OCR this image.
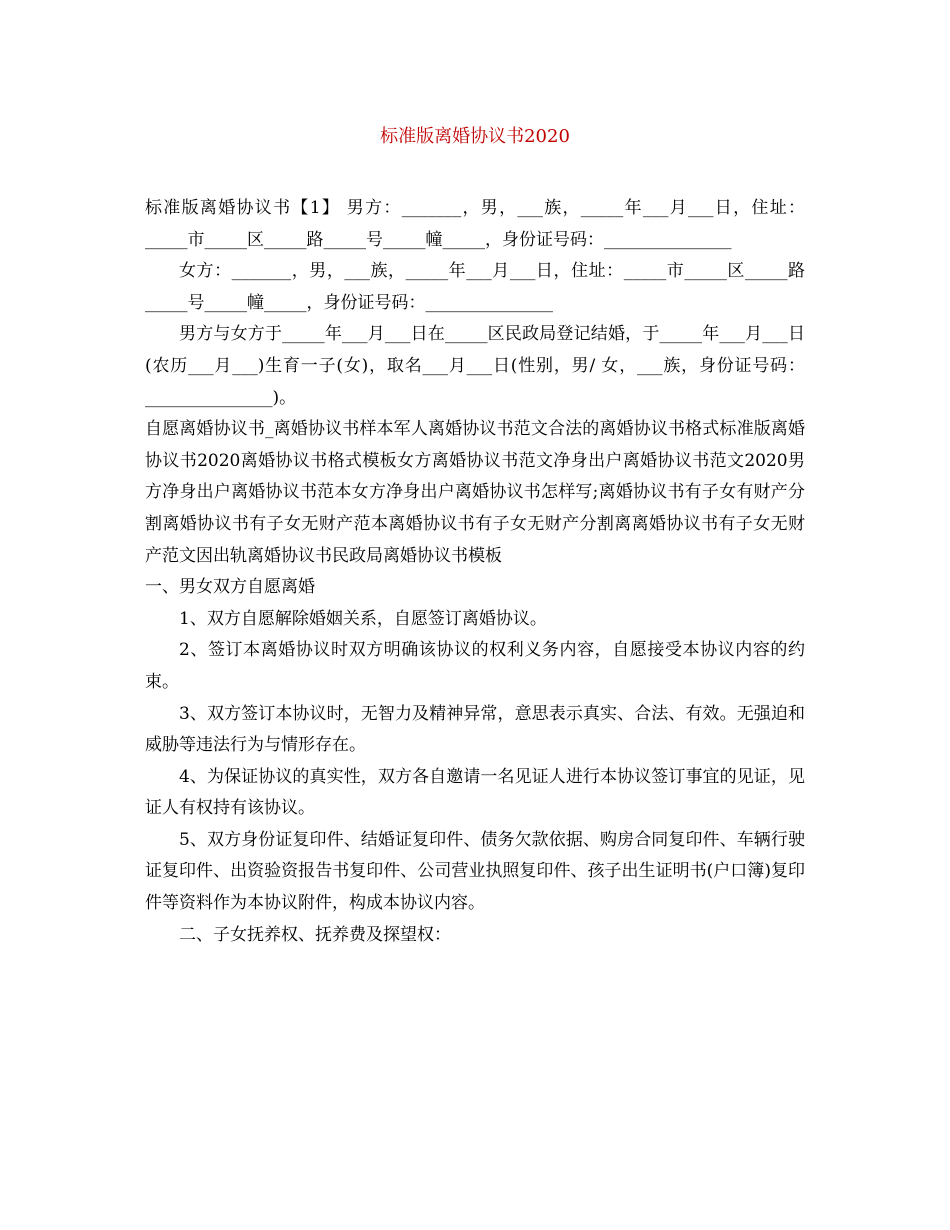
标准版离婚协议书2020

标准版离婚协议书【1】 男方：_______，男，___族，_____年___月___日，住址：_____市_____区_____路_____号_____幢_____，身份证号码：_______________

女方：_______，男，___族，_____年___月___日，住址：_____市_____区_____路_____号_____幢_____，身份证号码：_______________

男方与女方于_____年___月___日在_____区民政局登记结婚，于_____年___月___日(农历___月___)生育一子(女)，取名___月___日(性别，男/ 女，___族，身份证号码：_______________)。

自愿离婚协议书_离婚协议书样本军人离婚协议书范文合法的离婚协议书格式标准版离婚协议书2020离婚协议书格式模板女方离婚协议书范文净身出户离婚协议书范文2020男方净身出户离婚协议书范本女方净身出户离婚协议书怎样写;离婚协议书有子女有财产分割离婚协议书有子女无财产范本离婚协议书有子女无财产分割离离婚协议书有子女无财产范文因出轨离婚协议书民政局离婚协议书模板

一、男女双方自愿离婚

1、双方自愿解除婚姻关系，自愿签订离婚协议。

2、签订本离婚协议时双方明确该协议的权利义务内容，自愿接受本协议内容的约束。

3、双方签订本协议时，无智力及精神异常，意思表示真实、合法、有效。无强迫和威胁等违法行为与情形存在。

4、为保证协议的真实性，双方各自邀请一名见证人进行本协议签订事宜的见证，见证人有权持有该协议。

5、双方身份证复印件、结婚证复印件、债务欠款依据、购房合同复印件、车辆行驶证复印件、出资验资报告书复印件、公司营业执照复印件、孩子出生证明书(户口簿)复印件等资料作为本协议附件，构成本协议内容。

二、子女抚养权、抚养费及探望权：
